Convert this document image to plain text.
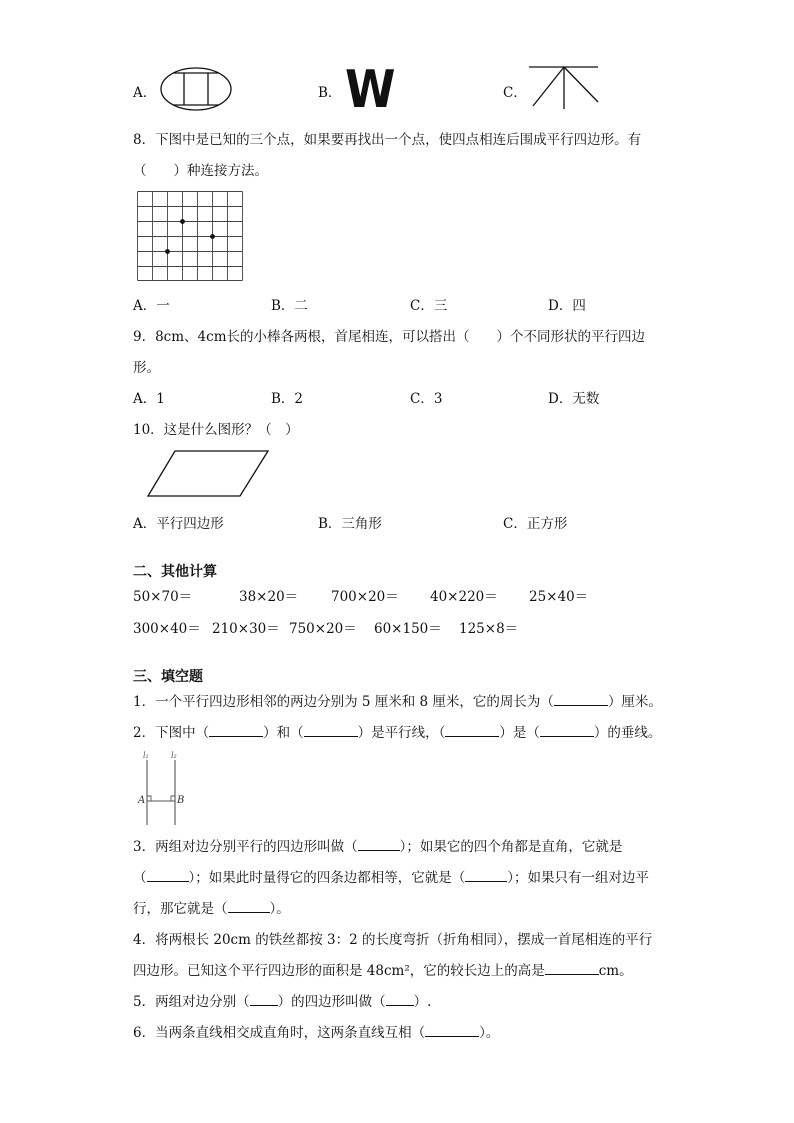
A．	B． W	C．
8．下图中是已知的三个点，如果要再找出一个点，使四点相连后围成平行四边形。有
（　　）种连接方法。
A．一	B．二	C．三	D．四
9．8cm、4cm长的小棒各两根，首尾相连，可以搭出（　　）个不同形状的平行四边
形。
A．1	B．2	C．3	D．无数
10．这是什么图形？（　）
A．平行四边形	B．三角形	C．正方形
二、其他计算
50×70＝	38×20＝ 700×20＝ 40×220＝ 25×40＝
300×40＝ 210×30＝ 750×20＝ 60×150＝ 125×8＝
三、填空题
1．一个平行四边形相邻的两边分别为 5 厘米和 8 厘米，它的周长为（	）厘米。
2．下图中（	）和（	）是平行线，（	）是（	）的垂线。
l₁	l₂
A	B
3．两组对边分别平行的四边形叫做（	）；如果它的四个角都是直角，它就是
（	）；如果此时量得它的四条边都相等，它就是（	）；如果只有一组对边平
行，那它就是（	）。
4．将两根长 20cm 的铁丝都按 3：2 的长度弯折（折角相同），摆成一首尾相连的平行
四边形。已知这个平行四边形的面积是 48cm²，它的较长边上的高是	cm。
5．两组对边分别（ ）的四边形叫做（ ）.
6．当两条直线相交成直角时，这两条直线互相（	）。
